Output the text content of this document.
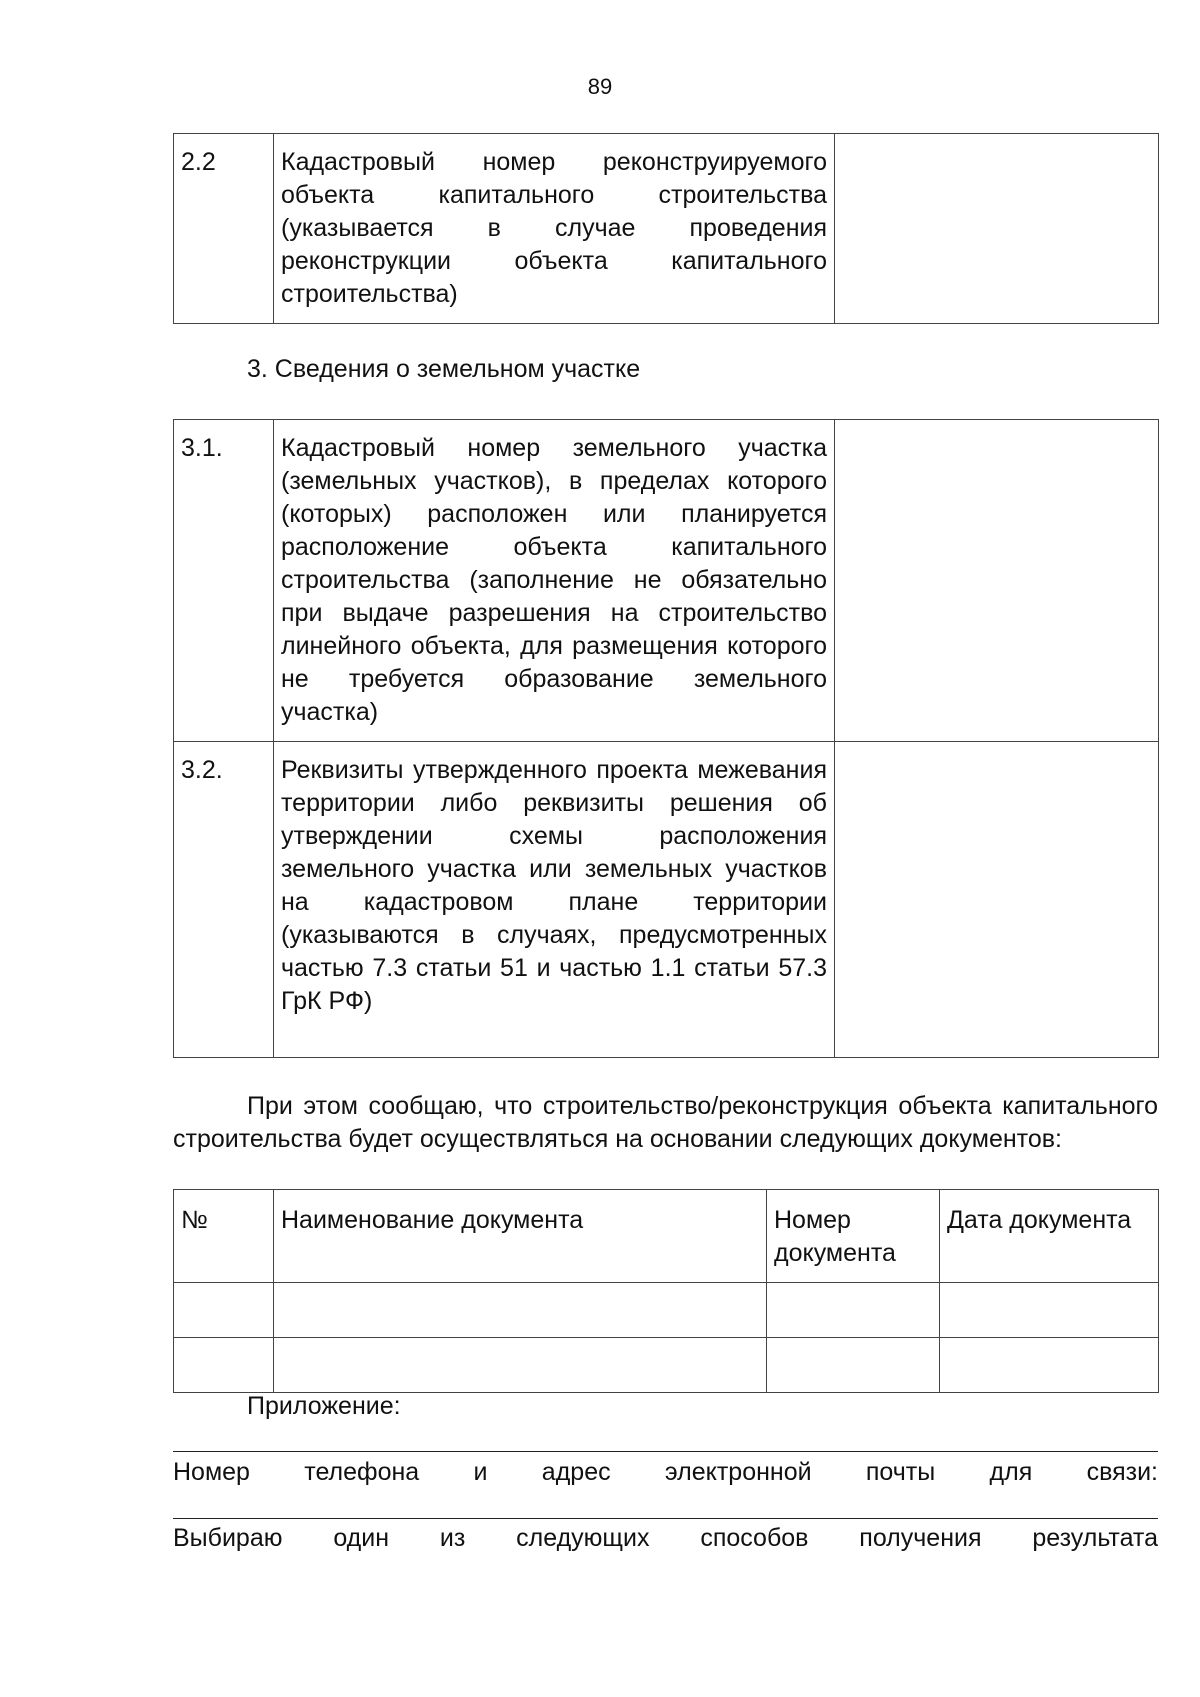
89
2.2	Кадастровый номер реконструируемого объекта капитального строительства (указывается в случае проведения реконструкции объекта капитального строительства)	
3. Сведения о земельном участке
3.1.	Кадастровый номер земельного участка (земельных участков), в пределах которого (которых) расположен или планируется расположение объекта капитального строительства (заполнение не обязательно при выдаче разрешения на строительство линейного объекта, для размещения которого не требуется образование земельного участка)	
3.2.	Реквизиты утвержденного проекта межевания территории либо реквизиты решения об утверждении схемы расположения земельного участка или земельных участков на кадастровом плане территории (указываются в случаях, предусмотренных частью 7.3 статьи 51 и частью 1.1 статьи 57.3 ГрК РФ)	
При этом сообщаю, что строительство/реконструкция объекта капитального строительства будет осуществляться на основании следующих документов:
№	Наименование документа	Номер документа	Дата документа

Приложение:
Номер телефона и адрес электронной почты для связи:
Выбираю один из следующих способов получения результата
